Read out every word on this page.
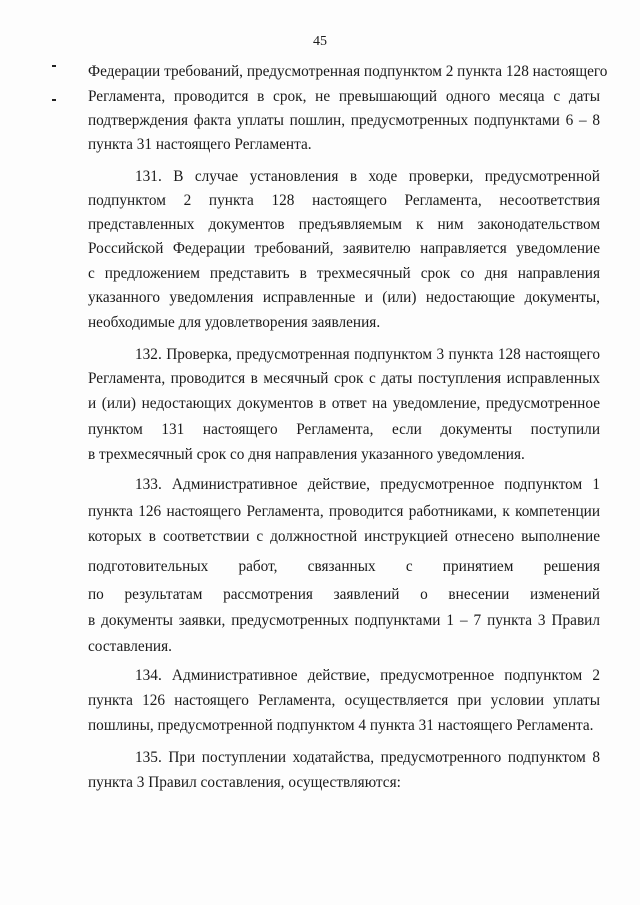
45
Федерации требований, предусмотренная подпунктом 2 пункта 128 настоящего
Регламента, проводится в срок, не превышающий одного месяца с даты
подтверждения факта уплаты пошлин, предусмотренных подпунктами 6 – 8
пункта 31 настоящего Регламента.
131. В случае установления в ходе проверки, предусмотренной
подпунктом 2 пункта 128 настоящего Регламента, несоответствия
представленных документов предъявляемым к ним законодательством
Российской Федерации требований, заявителю направляется уведомление
с предложением представить в трехмесячный срок со дня направления
указанного уведомления исправленные и (или) недостающие документы,
необходимые для удовлетворения заявления.
132. Проверка, предусмотренная подпунктом 3 пункта 128 настоящего
Регламента, проводится в месячный срок с даты поступления исправленных
и (или) недостающих документов в ответ на уведомление, предусмотренное
пунктом 131 настоящего Регламента, если документы поступили
в трехмесячный срок со дня направления указанного уведомления.
133. Административное действие, предусмотренное подпунктом 1
пункта 126 настоящего Регламента, проводится работниками, к компетенции
которых в соответствии с должностной инструкцией отнесено выполнение
подготовительных работ, связанных с принятием решения
по результатам рассмотрения заявлений о внесении изменений
в документы заявки, предусмотренных подпунктами 1 – 7 пункта 3 Правил
составления.
134. Административное действие, предусмотренное подпунктом 2
пункта 126 настоящего Регламента, осуществляется при условии уплаты
пошлины, предусмотренной подпунктом 4 пункта 31 настоящего Регламента.
135. При поступлении ходатайства, предусмотренного подпунктом 8
пункта 3 Правил составления, осуществляются:
